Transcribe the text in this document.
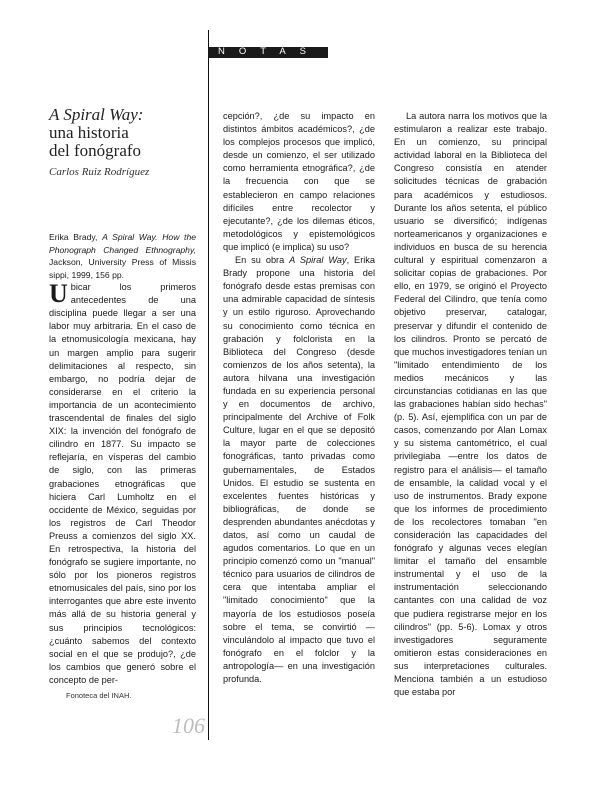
NOTAS
A Spiral Way:
una historia
del fonógrafo
Carlos Ruiz Rodríguez

Erika Brady, A Spiral Way. How the Phonograph Changed Ethnography, Jackson, University Press of Missis sippi, 1999, 156 pp.

Ubicar los primeros antecedentes de una disciplina puede llegar a ser una labor muy arbitraria. En el caso de la etnomusicología mexicana, hay un margen amplio para sugerir delimitaciones al respecto, sin embargo, no podría dejar de considerarse en el criterio la importancia de un acontecimiento trascendental de finales del siglo XIX: la invención del fonógrafo de cilindro en 1877. Su impacto se reflejaría, en vísperas del cambio de siglo, con las primeras grabaciones etnográficas que hiciera Carl Lumholtz en el occidente de México, seguidas por los registros de Carl Theodor Preuss a comienzos del siglo XX. En retrospectiva, la historia del fonógrafo se sugiere importante, no sólo por los pioneros registros etnomusicales del país, sino por los interrogantes que abre este invento más allá de su historia general y sus principios tecnológicos: ¿cuánto sabemos del contexto social en el que se produjo?, ¿de los cambios que generó sobre el concepto de per-

cepción?, ¿de su impacto en distintos ámbitos académicos?, ¿de los complejos procesos que implicó, desde un comienzo, el ser utilizado como herramienta etnográfica?, ¿de la frecuencia con que se establecieron en campo relaciones difíciles entre recolector y ejecutante?, ¿de los dilemas éticos, metodológicos y epistemológicos que implicó (e implica) su uso?

En su obra A Spiral Way, Erika Brady propone una historia del fonógrafo desde estas premisas con una admirable capacidad de síntesis y un estilo riguroso. Aprovechando su conocimiento como técnica en grabación y folclorista en la Biblioteca del Congreso (desde comienzos de los años setenta), la autora hilvana una investigación fundada en su experiencia personal y en documentos de archivo, principalmente del Archive of Folk Culture, lugar en el que se depositó la mayor parte de colecciones fonográficas, tanto privadas como gubernamentales, de Estados Unidos. El estudio se sustenta en excelentes fuentes históricas y bibliográficas, de donde se desprenden abundantes anécdotas y datos, así como un caudal de agudos comentarios. Lo que en un principio comenzó como un "manual" técnico para usuarios de cilindros de cera que intentaba ampliar el "limitado conocimiento" que la mayoría de los estudiosos poseía sobre el tema, se convirtió —vinculándolo al impacto que tuvo el fonógrafo en el folclor y la antropología— en una investigación profunda.

La autora narra los motivos que la estimularon a realizar este trabajo. En un comienzo, su principal actividad laboral en la Biblioteca del Congreso consistía en atender solicitudes técnicas de grabación para académicos y estudiosos. Durante los años setenta, el público usuario se diversificó; indígenas norteamericanos y organizaciones e individuos en busca de su herencia cultural y espiritual comenzaron a solicitar copias de grabaciones. Por ello, en 1979, se originó el Proyecto Federal del Cilindro, que tenía como objetivo preservar, catalogar, preservar y difundir el contenido de los cilindros. Pronto se percató de que muchos investigadores tenían un "limitado entendimiento de los medios mecánicos y las circunstancias cotidianas en las que las grabaciones habían sido hechas" (p. 5). Así, ejemplifica con un par de casos, comenzando por Alan Lomax y su sistema cantométrico, el cual privilegiaba —entre los datos de registro para el análisis— el tamaño de ensamble, la calidad vocal y el uso de instrumentos. Brady expone que los informes de procedimiento de los recolectores tomaban "en consideración las capacidades del fonógrafo y algunas veces elegían limitar el tamaño del ensamble instrumental y el uso de la instrumentación seleccionando cantantes con una calidad de voz que pudiera registrarse mejor en los cilindros" (pp. 5-6). Lomax y otros investigadores seguramente omitieron estas consideraciones en sus interpretaciones culturales. Menciona también a un estudioso que estaba por

Fonoteca del INAH.
106
